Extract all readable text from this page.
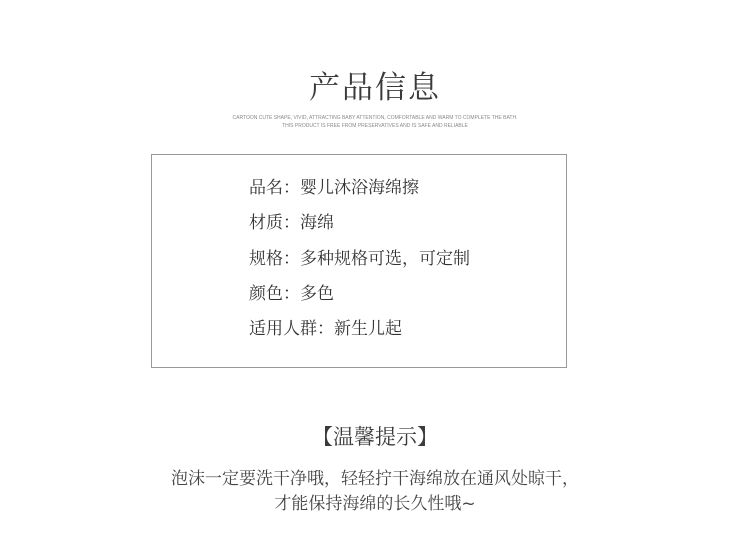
产品信息
CARTOON CUTE SHAPE, VIVID, ATTRACTING BABY ATTENTION, COMFORTABLE AND WARM TO COMPLETE THE BATH.
THIS PRODUCT IS FREE FROM PRESERVATIVES AND IS SAFE AND RELIABLE
品名：婴儿沐浴海绵擦
材质：海绵
规格：多种规格可选，可定制
颜色：多色
适用人群：新生儿起
【温馨提示】
泡沫一定要洗干净哦，轻轻拧干海绵放在通风处晾干，
才能保持海绵的长久性哦~
